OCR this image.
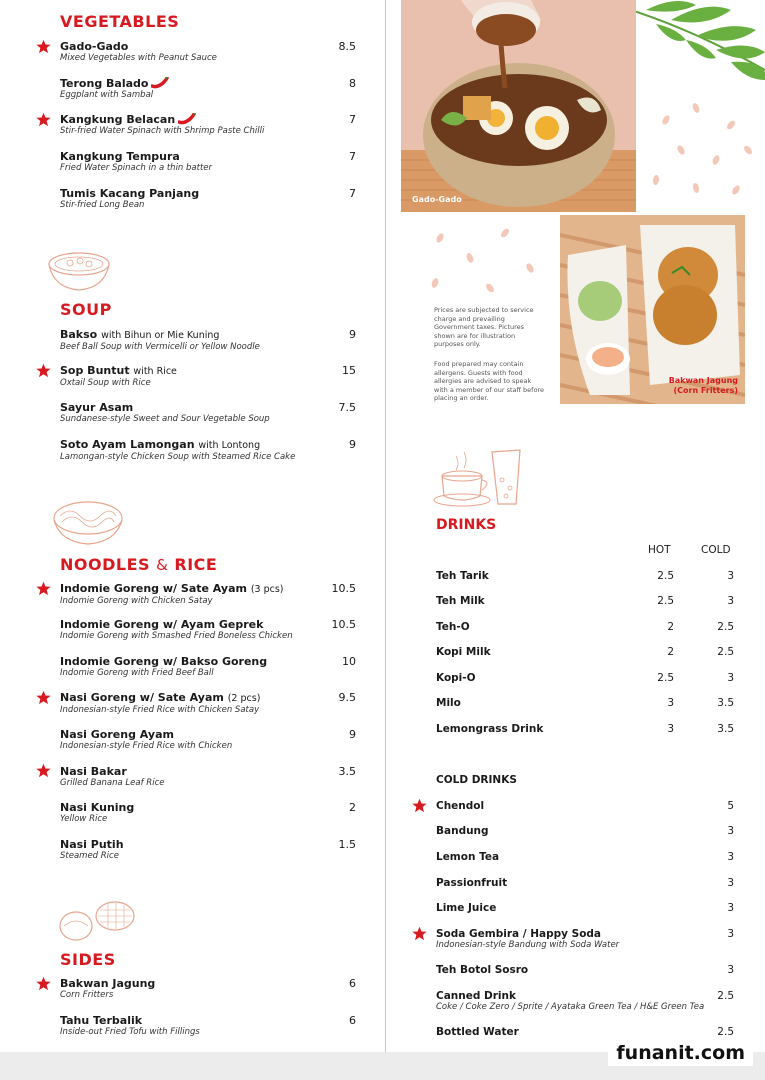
VEGETABLES
Gado-Gado
Mixed Vegetables with Peanut Sauce
8.5
Terong Balado
Eggplant with Sambal
8
Kangkung Belacan
Stir-fried Water Spinach with Shrimp Paste Chilli
7
Kangkung Tempura
Fried Water Spinach in a thin batter
7
Tumis Kacang Panjang
Stir-fried Long Bean
7
SOUP
Bakso with Bihun or Mie Kuning
Beef Ball Soup with Vermicelli or Yellow Noodle
9
Sop Buntut with Rice
Oxtail Soup with Rice
15
Sayur Asam
Sundanese-style Sweet and Sour Vegetable Soup
7.5
Soto Ayam Lamongan with Lontong
Lamongan-style Chicken Soup with Steamed Rice Cake
9
NOODLES & RICE
Indomie Goreng w/ Sate Ayam (3 pcs)
Indomie Goreng with Chicken Satay
10.5
Indomie Goreng w/ Ayam Geprek
Indomie Goreng with Smashed Fried Boneless Chicken
10.5
Indomie Goreng w/ Bakso Goreng
Indomie Goreng with Fried Beef Ball
10
Nasi Goreng w/ Sate Ayam (2 pcs)
Indonesian-style Fried Rice with Chicken Satay
9.5
Nasi Goreng Ayam
Indonesian-style Fried Rice with Chicken
9
Nasi Bakar
Grilled Banana Leaf Rice
3.5
Nasi Kuning
Yellow Rice
2
Nasi Putih
Steamed Rice
1.5
SIDES
Bakwan Jagung
Corn Fritters
6
Tahu Terbalik
Inside-out Fried Tofu with Fillings
6
Gado-Gado
Bakwan Jagung
(Corn Fritters)
Prices are subjected to service charge and prevailing Government taxes. Pictures shown are for illustration purposes only.
Food prepared may contain allergens. Guests with food allergies are advised to speak with a member of our staff before placing an order.
DRINKS
HOT	COLD
Teh Tarik	2.5	3
Teh Milk	2.5	3
Teh-O	2	2.5
Kopi Milk	2	2.5
Kopi-O	2.5	3
Milo	3	3.5
Lemongrass Drink	3	3.5
COLD DRINKS
Chendol	5
Bandung	3
Lemon Tea	3
Passionfruit	3
Lime Juice	3
Soda Gembira / Happy Soda
Indonesian-style Bandung with Soda Water
3
Teh Botol Sosro	3
Canned Drink
Coke / Coke Zero / Sprite / Ayataka Green Tea / H&E Green Tea
2.5
Bottled Water	2.5
funanit.com
